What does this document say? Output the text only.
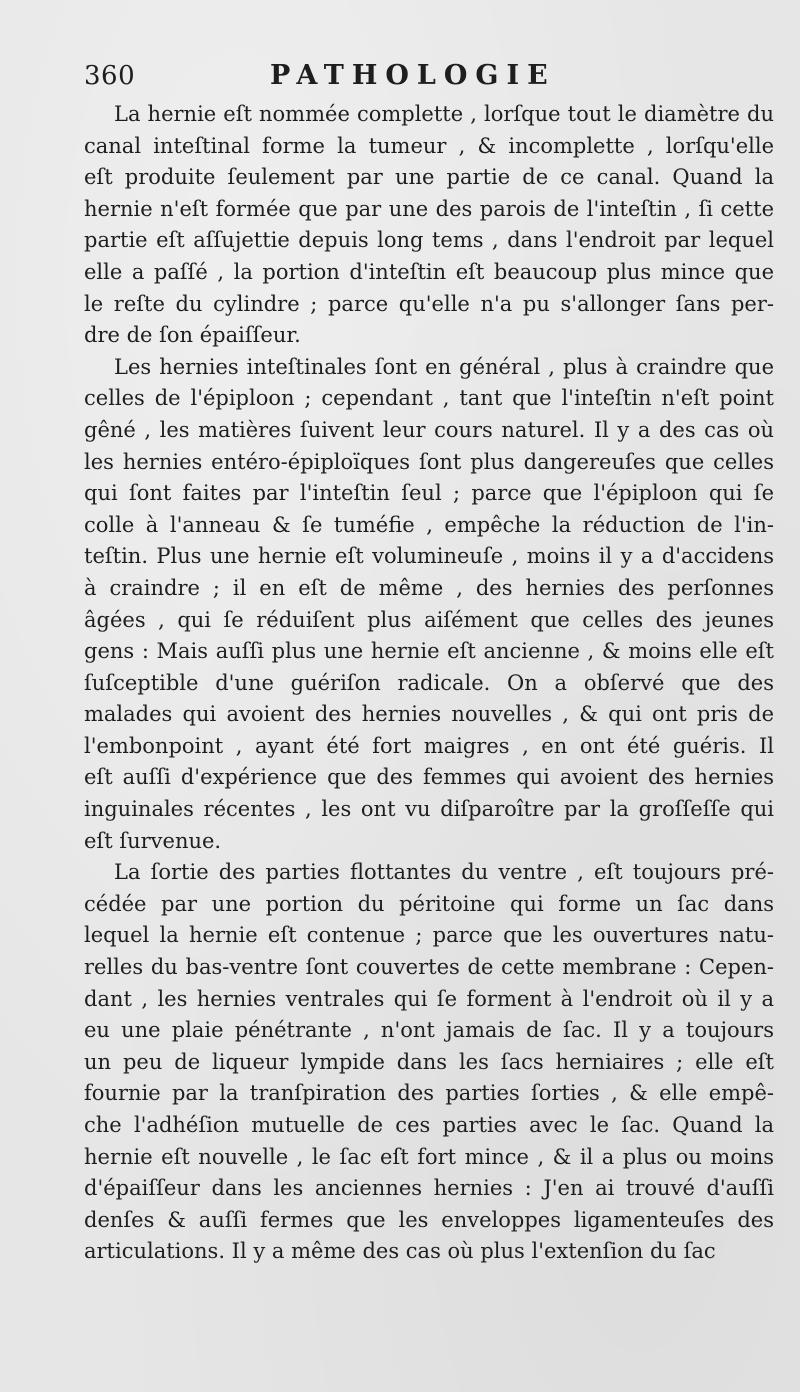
360	PATHOLOGIE
La hernie eſt nommée complette , lorſque tout le diamètre du
canal inteſtinal forme la tumeur , & incomplette , lorſqu'elle
eſt produite ſeulement par une partie de ce canal. Quand la
hernie n'eſt formée que par une des parois de l'inteſtin , ſi cette
partie eſt aſſujettie depuis long tems , dans l'endroit par lequel
elle a paſſé , la portion d'inteſtin eſt beaucoup plus mince que
le reſte du cylindre ; parce qu'elle n'a pu s'allonger ſans per-
dre de ſon épaiſſeur.
Les hernies inteſtinales ſont en général , plus à craindre que
celles de l'épiploon ; cependant , tant que l'inteſtin n'eſt point
gêné , les matières ſuivent leur cours naturel. Il y a des cas où
les hernies entéro-épiploïques ſont plus dangereuſes que celles
qui ſont faites par l'inteſtin ſeul ; parce que l'épiploon qui ſe
colle à l'anneau & ſe tuméfie , empêche la réduction de l'in-
teſtin. Plus une hernie eſt volumineuſe , moins il y a d'accidens
à craindre ; il en eſt de même , des hernies des perſonnes
âgées , qui ſe réduiſent plus aiſément que celles des jeunes
gens : Mais auſſi plus une hernie eſt ancienne , & moins elle eſt
ſuſceptible d'une guériſon radicale. On a obſervé que des
malades qui avoient des hernies nouvelles , & qui ont pris de
l'embonpoint , ayant été fort maigres , en ont été guéris. Il
eſt auſſi d'expérience que des femmes qui avoient des hernies
inguinales récentes , les ont vu diſparoître par la groſſeſſe qui
eſt ſurvenue.
La ſortie des parties flottantes du ventre , eſt toujours pré-
cédée par une portion du péritoine qui forme un ſac dans
lequel la hernie eſt contenue ; parce que les ouvertures natu-
relles du bas-ventre ſont couvertes de cette membrane : Cepen-
dant , les hernies ventrales qui ſe forment à l'endroit où il y a
eu une plaie pénétrante , n'ont jamais de ſac. Il y a toujours
un peu de liqueur lympide dans les ſacs herniaires ; elle eſt
fournie par la tranſpiration des parties ſorties , & elle empê-
che l'adhéſion mutuelle de ces parties avec le ſac. Quand la
hernie eſt nouvelle , le ſac eſt fort mince , & il a plus ou moins
d'épaiſſeur dans les anciennes hernies : J'en ai trouvé d'auſſi
denſes & auſſi fermes que les enveloppes ligamenteuſes des
articulations. Il y a même des cas où plus l'extenſion du ſac
